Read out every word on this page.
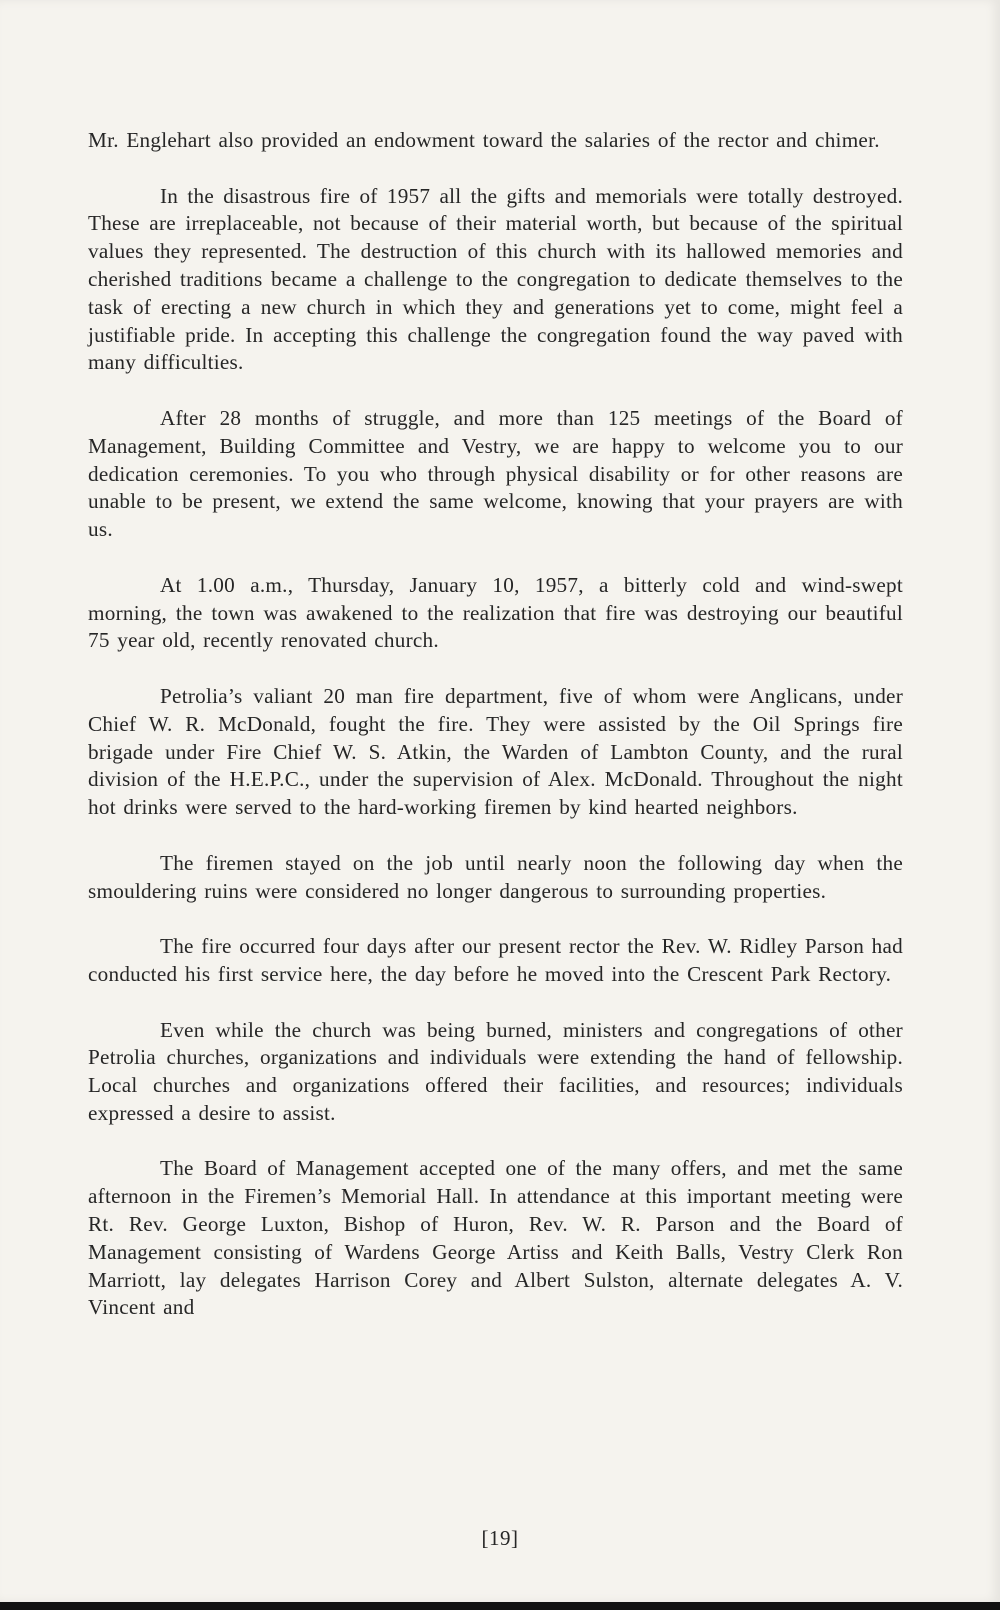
Mr. Englehart also provided an endowment toward the salaries of the rector and chimer.

In the disastrous fire of 1957 all the gifts and memorials were totally destroyed. These are irreplaceable, not because of their material worth, but because of the spiritual values they represented. The destruction of this church with its hallowed memories and cherished traditions became a challenge to the congregation to dedicate themselves to the task of erecting a new church in which they and generations yet to come, might feel a justifiable pride. In accepting this challenge the congregation found the way paved with many difficulties.

After 28 months of struggle, and more than 125 meetings of the Board of Management, Building Committee and Vestry, we are happy to welcome you to our dedication ceremonies. To you who through physical disability or for other reasons are unable to be present, we extend the same welcome, knowing that your prayers are with us.

At 1.00 a.m., Thursday, January 10, 1957, a bitterly cold and wind-swept morning, the town was awakened to the realization that fire was destroying our beautiful 75 year old, recently renovated church.

Petrolia’s valiant 20 man fire department, five of whom were Anglicans, under Chief W. R. McDonald, fought the fire. They were assisted by the Oil Springs fire brigade under Fire Chief W. S. Atkin, the Warden of Lambton County, and the rural division of the H.E.P.C., under the supervision of Alex. McDonald. Throughout the night hot drinks were served to the hard-working firemen by kind hearted neighbors.

The firemen stayed on the job until nearly noon the following day when the smouldering ruins were considered no longer dangerous to surrounding properties.

The fire occurred four days after our present rector the Rev. W. Ridley Parson had conducted his first service here, the day before he moved into the Crescent Park Rectory.

Even while the church was being burned, ministers and congregations of other Petrolia churches, organizations and individuals were extending the hand of fellowship. Local churches and organizations offered their facilities, and resources; individuals expressed a desire to assist.

The Board of Management accepted one of the many offers, and met the same afternoon in the Firemen’s Memorial Hall. In attendance at this important meeting were Rt. Rev. George Luxton, Bishop of Huron, Rev. W. R. Parson and the Board of Management consisting of Wardens George Artiss and Keith Balls, Vestry Clerk Ron Marriott, lay delegates Harrison Corey and Albert Sulston, alternate delegates A. V. Vincent and

[19]
